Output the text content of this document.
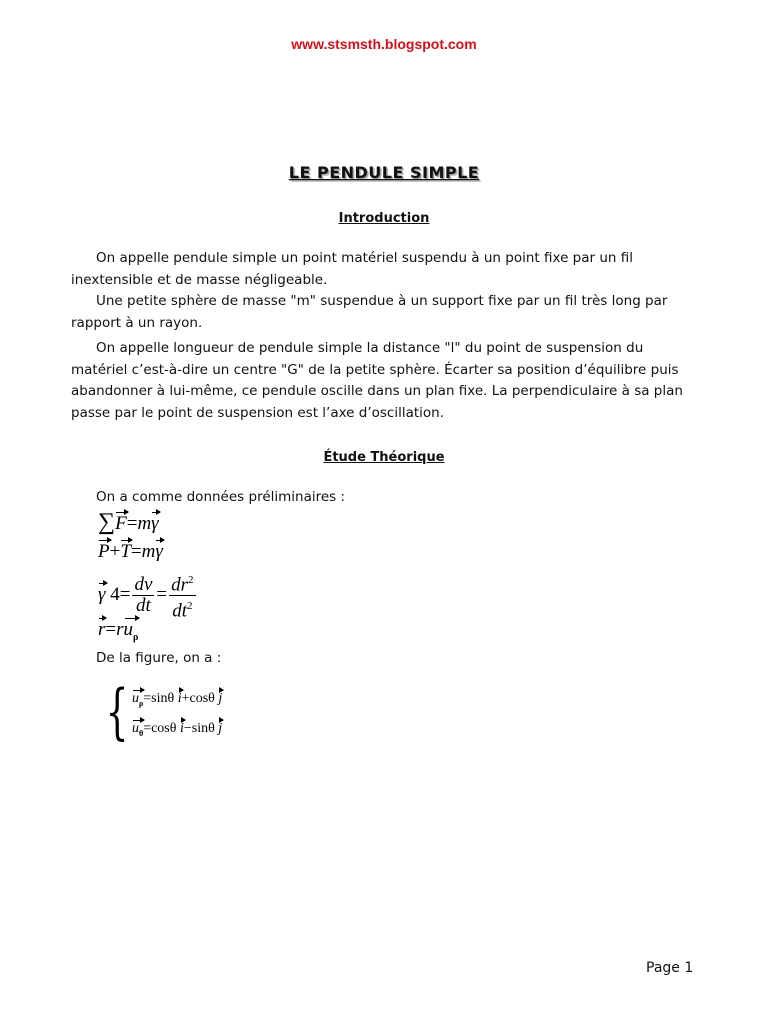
www.stsmsth.blogspot.com
LE PENDULE SIMPLE
Introduction

On appelle pendule simple un point matériel suspendu à un point fixe par un fil inextensible et de masse négligeable.

Une petite sphère de masse "m" suspendue à un support fixe par un fil très long par rapport à un rayon.

On appelle longueur de pendule simple la distance "l" du point de suspension du matériel c’est-à-dire un centre "G" de la petite sphère. Écarter sa position d’équilibre puis abandonner à lui-même, ce pendule oscille dans un plan fixe. La perpendiculaire à sa plan passe par le point de suspension est l’axe d’oscillation.

Étude Théorique
On a comme données préliminaires :
∑F=mγ
P+T=mγ
γ $4= \frac{dv}{dt} = \frac{dr^2}{dt^2}$
$r=ru_\rho$
De la figure, on a :
{ $u_\rho=\sin\theta$ i+cosθ j
$u_\theta=\cos\theta$ i−sinθ j
Page 1
